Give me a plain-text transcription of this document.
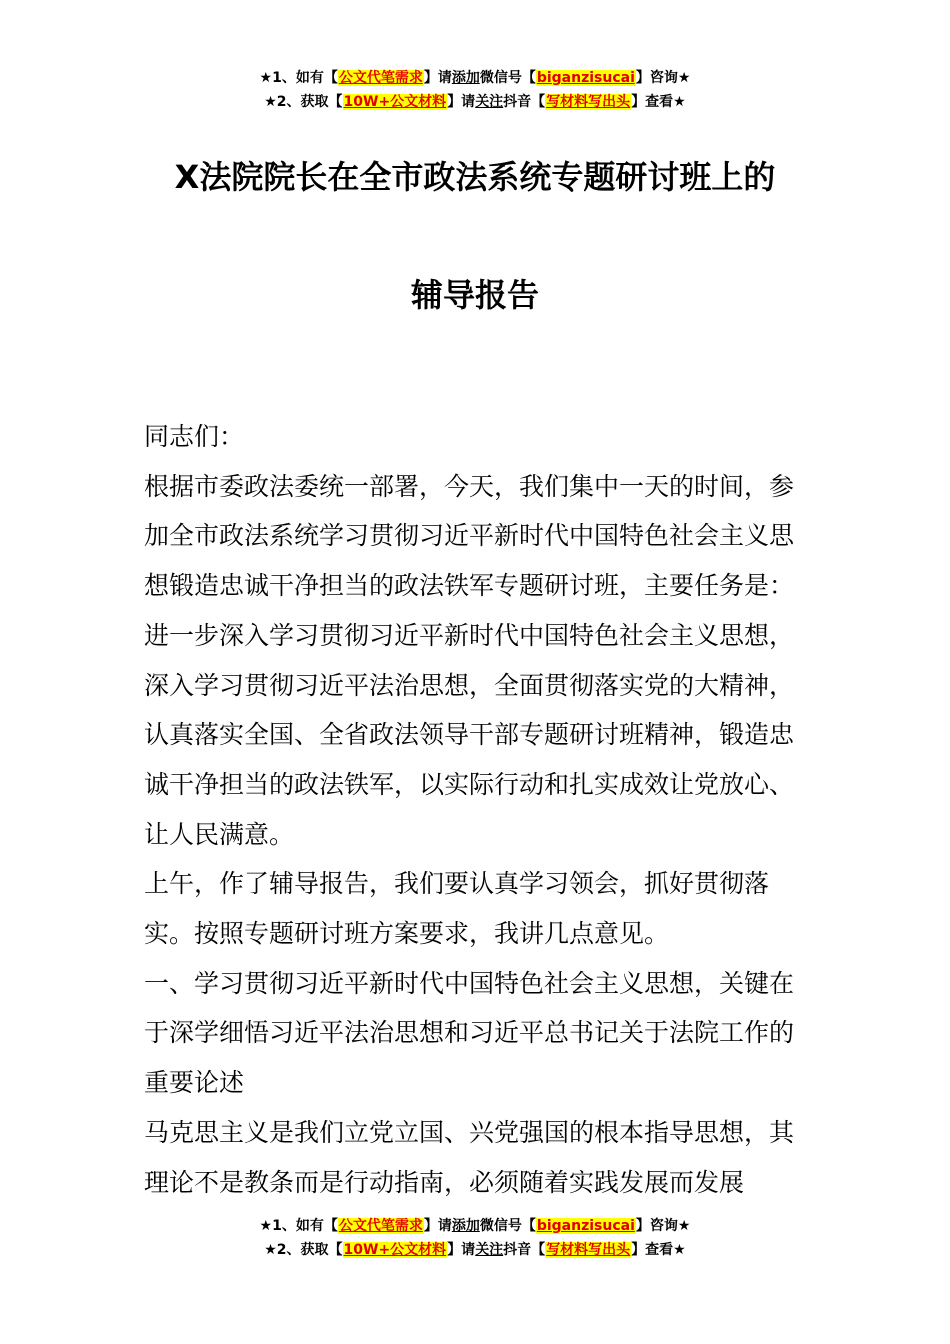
★1、如有【公文代笔需求】请添加微信号【biganzisucai】咨询★
★2、获取【10W+公文材料】请关注抖音【写材料写出头】查看★
X法院院长在全市政法系统专题研讨班上的
辅导报告

同志们：

根据市委政法委统一部署，今天，我们集中一天的时间，参加全市政法系统学习贯彻习近平新时代中国特色社会主义思想锻造忠诚干净担当的政法铁军专题研讨班，主要任务是：进一步深入学习贯彻习近平新时代中国特色社会主义思想，深入学习贯彻习近平法治思想，全面贯彻落实党的大精神，认真落实全国、全省政法领导干部专题研讨班精神，锻造忠诚干净担当的政法铁军，以实际行动和扎实成效让党放心、让人民满意。

上午，作了辅导报告，我们要认真学习领会，抓好贯彻落实。按照专题研讨班方案要求，我讲几点意见。

一、学习贯彻习近平新时代中国特色社会主义思想，关键在于深学细悟习近平法治思想和习近平总书记关于法院工作的重要论述

马克思主义是我们立党立国、兴党强国的根本指导思想，其理论不是教条而是行动指南，必须随着实践发展而发展

★1、如有【公文代笔需求】请添加微信号【biganzisucai】咨询★
★2、获取【10W+公文材料】请关注抖音【写材料写出头】查看★
